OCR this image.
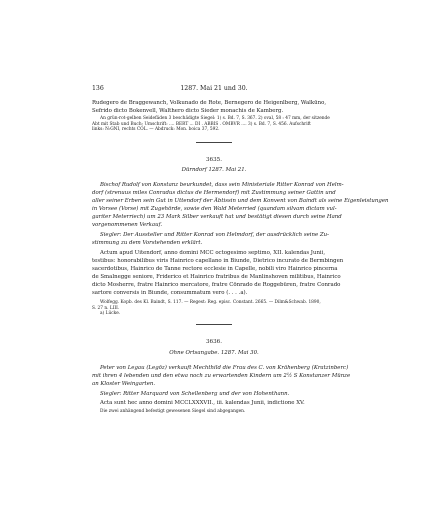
136	1287. Mai 21 und 30.
Rudegero de Braggewanch, Volkunado de Rote, Bernegero de Heigenlberg, Walkūno,
Sefrido dicto Bokenvell, Walthero dicto Sieder monachis de Kamberg.
An grün-rot-gelben Seidefäden 3 beschädigte Siegel: 1) s. Bd. 7, S. 367. 2) oval, 58 : 47 mm, der sitzende
Abt mit Stab und Buch; Umschrift: .... BERT ... DI . ABBIS . OMBVR .... 3) s. Bd. 7, S. 456. Aufschrift
links: N:GNI, rechts COL. — Abdruck: Mon. boica 37, 592.
3635.
Dürndorf 1287. Mai 21.
Bischof Rudolf von Konstanz beurkundet, dass sein Ministeriale Ritter Konrad von Helm-
dorf (strenuus miles Conradus dictus de Hermendorf) mit Zustimmung seiner Gattin und
aller seiner Erben sein Gut in Uttendorf der Äbtissin und dem Konvent von Baindt als seine Eigenleistungen
in Vorsee (Vorse) mit Zugehörde, sowie den Wald Meterried (quandam silvam dictam vul-
gariter Meterriech) um 23 Mark Silber verkauft hat und bestätigt diesen durch seine Hand
vorgenommenen Verkauf.
Siegler: Der Aussteller und Ritter Konrad von Helmdorf, der ausdrücklich seine Zu-
stimmung zu dem Vorstehenden erklärt.
Actum apud Uitendorf, anno domini MCC octogesimo septimo, XII. kalendas Junii,
testibus: honorabilibus viris Hainrico capellano in Biunde, Dietrico incurato de Bermbingen
sacerdotibus, Hainrico de Tanne rectore ecclesie in Capelle, nobili viro Hainrico pincerna
de Smalnegge seniore, Friderico et Hainrico fratribus de Manlinshoven militibus, Hainrico
dicto Mosherre, fratre Hainrico mercatore, fratre Cōnrado de Roggebüren, fratre Conrado
sartore conversis in Biunde, consummatum vero (. . . .a).
Wolfegg. Kopb. des Kl. Baindt, S. 117. — Regest: Reg. episc. Constant. 2665. — Dilm&Schwab. 1890,
S. 27 n. LIII.
a) Lücke.
3636.
Ohne Ortsangabe. 1287. Mai 30.
Peter von Legau (Legōz) verkauft Mechthild die Frau des C. von Krähenberg (Kratzinberc)
mit ihren 4 lebenden und den etwa noch zu erwartenden Kindern um 2½ S Konstanzer Münze
an Kloster Weingarten.
Siegler: Ritter Marquard von Schellenberg und der von Hohenthann.
Acta sunt hec anno domini MCCLXXXVII., iii. kalendas Junii, indictione XV.
Die zwei anhängend befestigt gewesenen Siegel sind abgegangen.
